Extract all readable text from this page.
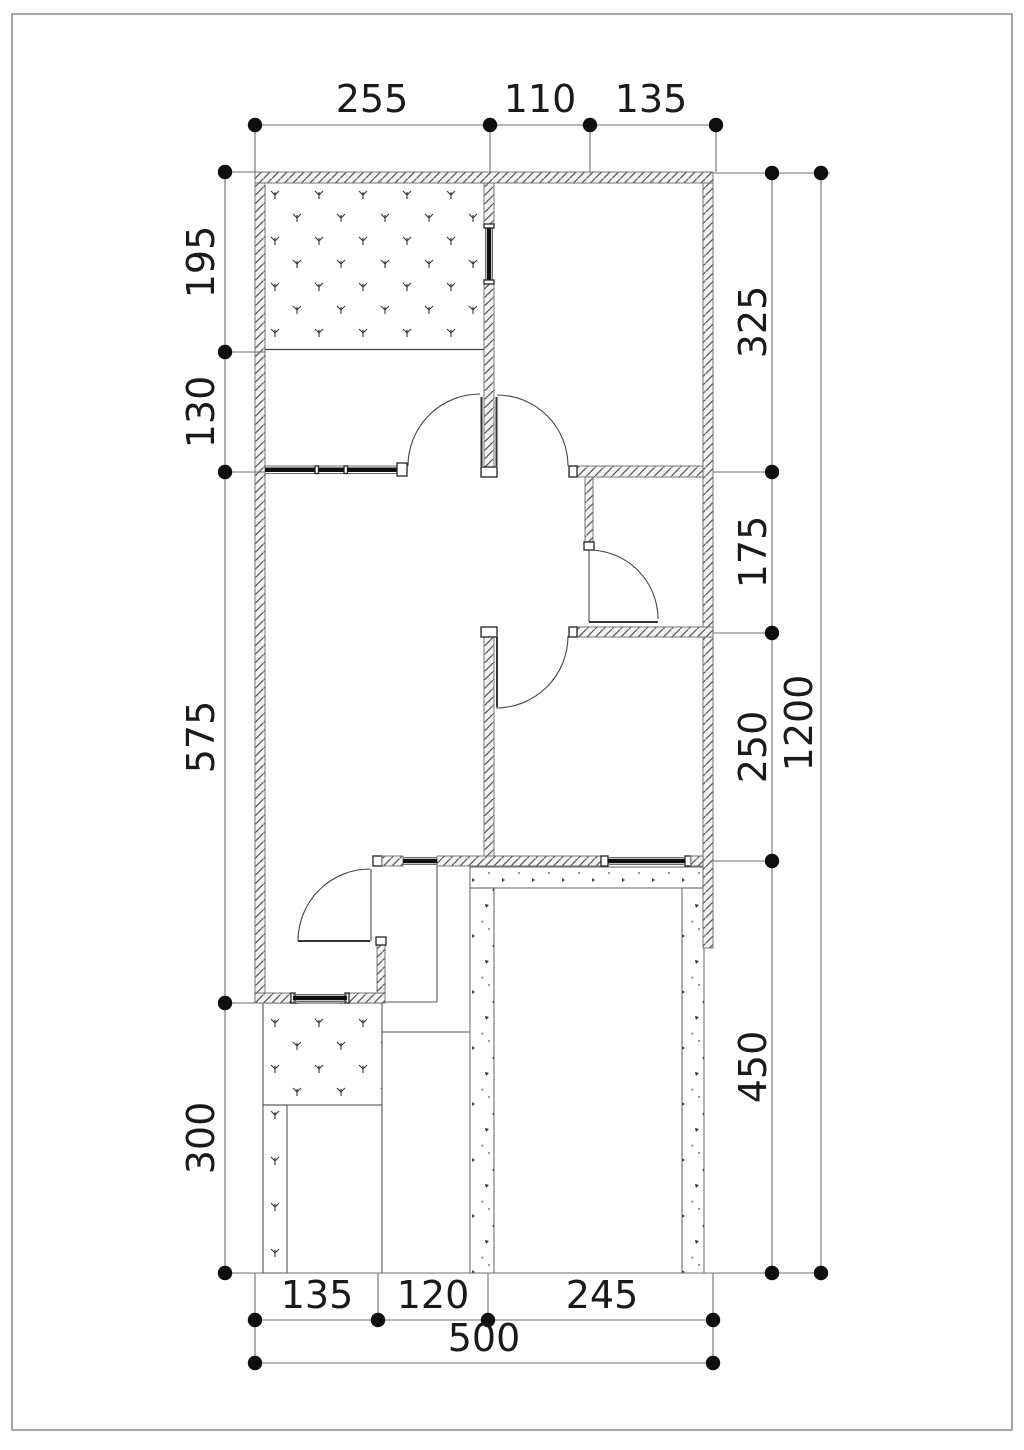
255	110 135
195
130
575
300
325
175
250
450
1200
135 120	245
500
